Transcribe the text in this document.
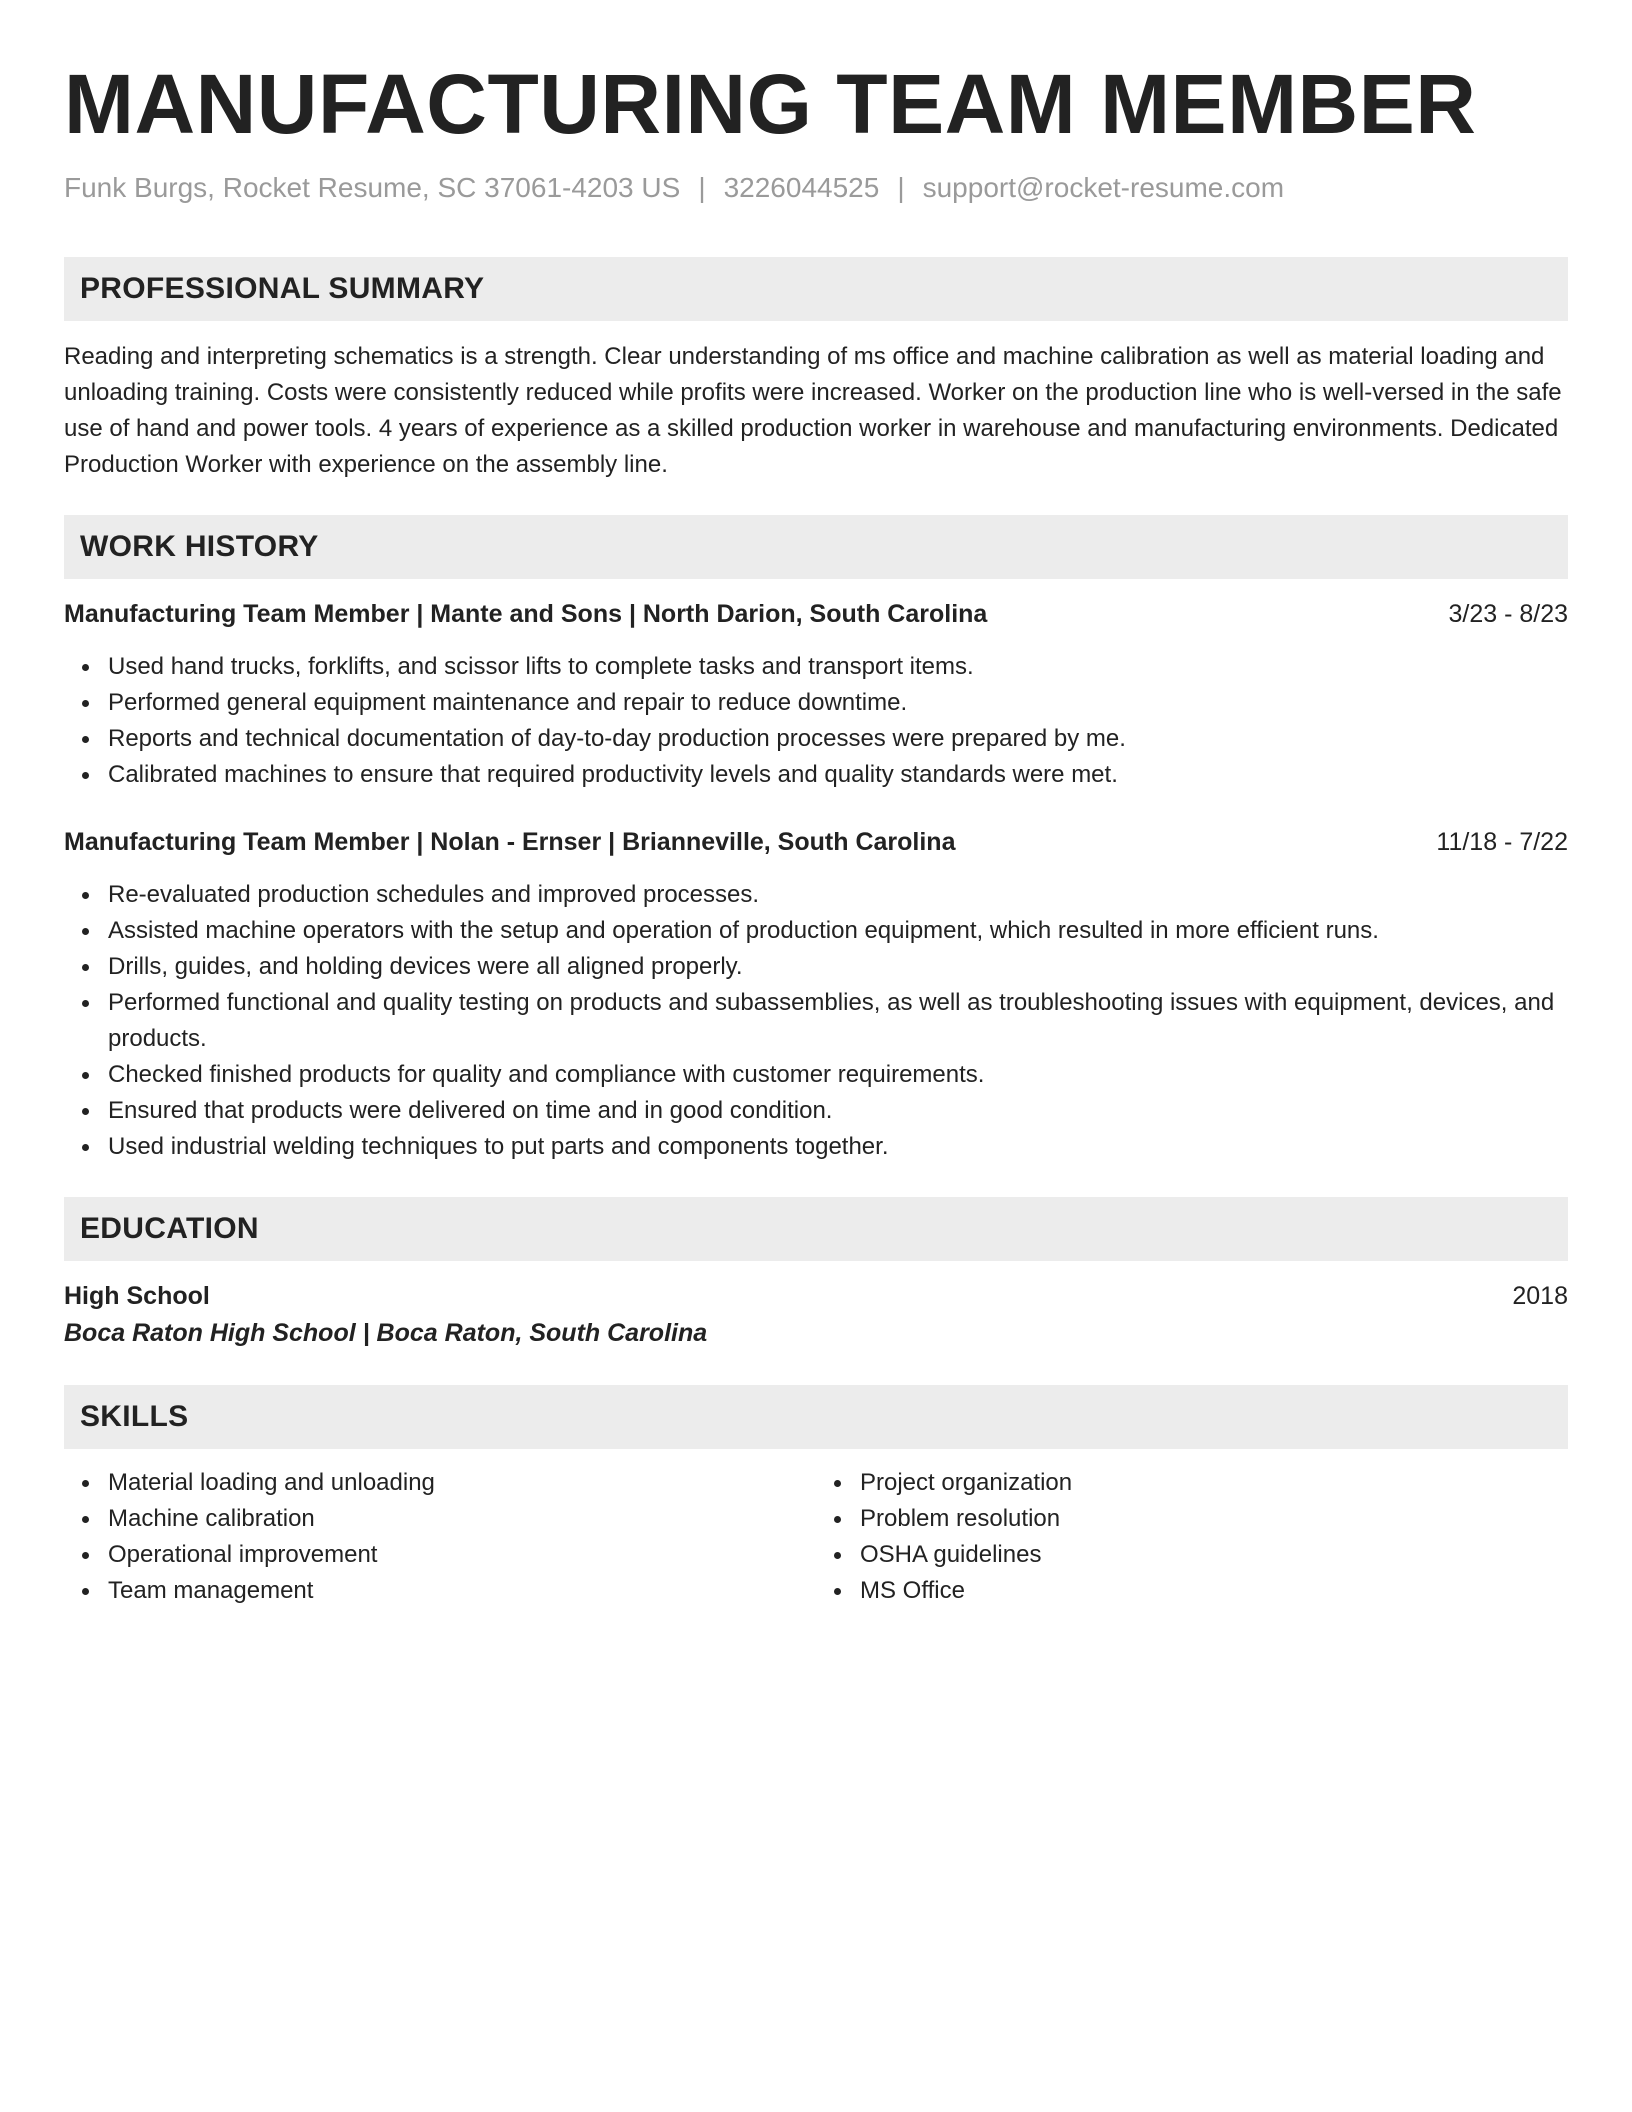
MANUFACTURING TEAM MEMBER
Funk Burgs, Rocket Resume, SC 37061-4203 US | 3226044525 | support@rocket-resume.com
PROFESSIONAL SUMMARY
Reading and interpreting schematics is a strength. Clear understanding of ms office and machine calibration as well as material loading and unloading training. Costs were consistently reduced while profits were increased. Worker on the production line who is well-versed in the safe use of hand and power tools. 4 years of experience as a skilled production worker in warehouse and manufacturing environments. Dedicated Production Worker with experience on the assembly line.
WORK HISTORY
Manufacturing Team Member | Mante and Sons | North Darion, South Carolina	3/23 - 8/23
Used hand trucks, forklifts, and scissor lifts to complete tasks and transport items.
Performed general equipment maintenance and repair to reduce downtime.
Reports and technical documentation of day-to-day production processes were prepared by me.
Calibrated machines to ensure that required productivity levels and quality standards were met.
Manufacturing Team Member | Nolan - Ernser | Brianneville, South Carolina	11/18 - 7/22
Re-evaluated production schedules and improved processes.
Assisted machine operators with the setup and operation of production equipment, which resulted in more efficient runs.
Drills, guides, and holding devices were all aligned properly.
Performed functional and quality testing on products and subassemblies, as well as troubleshooting issues with equipment, devices, and products.
Checked finished products for quality and compliance with customer requirements.
Ensured that products were delivered on time and in good condition.
Used industrial welding techniques to put parts and components together.
EDUCATION
High School	2018
Boca Raton High School | Boca Raton, South Carolina
SKILLS
Material loading and unloading
Machine calibration
Operational improvement
Team management
Project organization
Problem resolution
OSHA guidelines
MS Office
